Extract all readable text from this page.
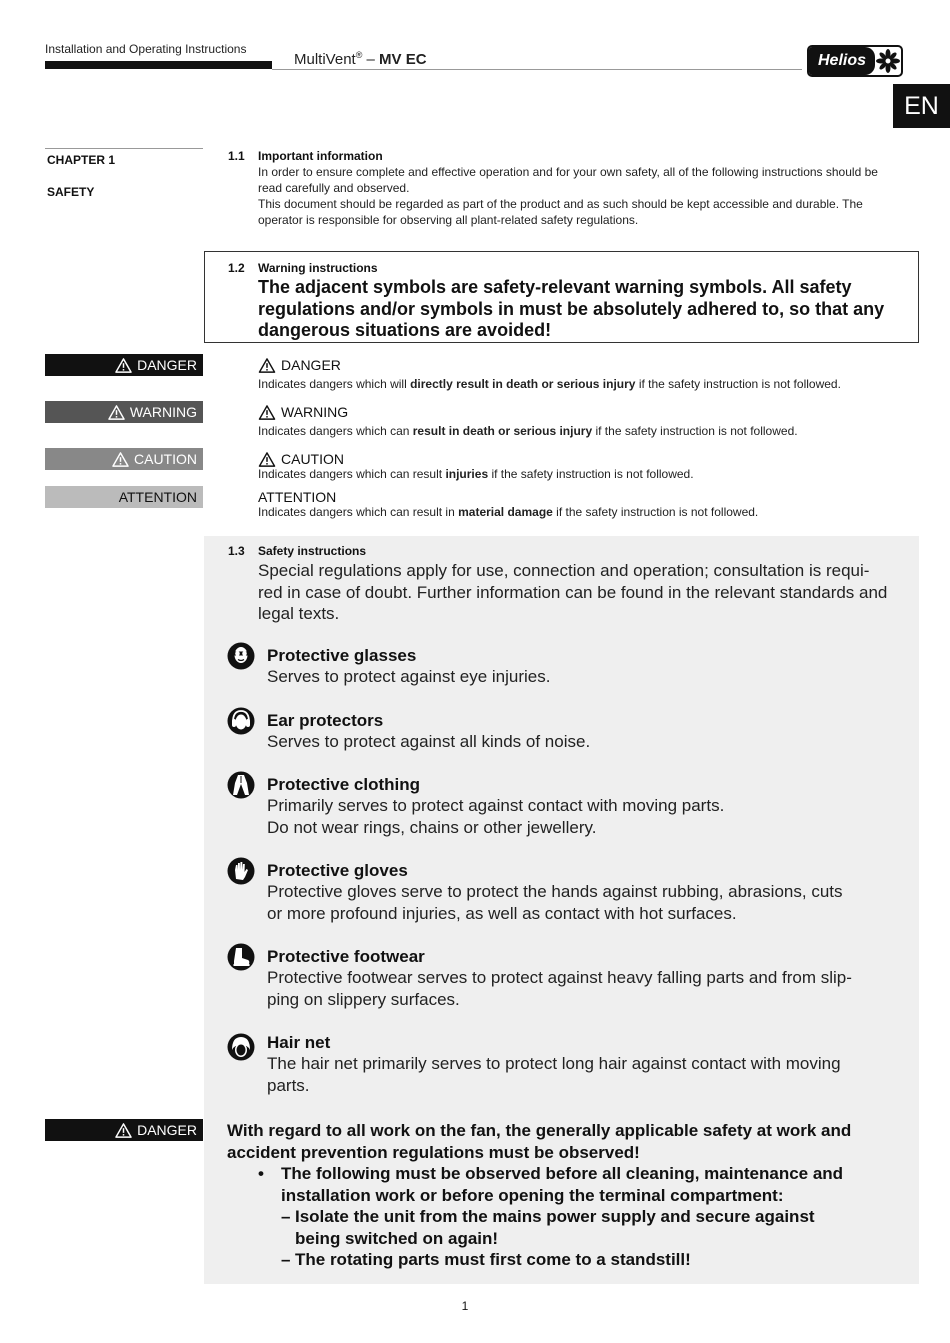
Installation and Operating Instructions
MultiVent® – MV EC	Helios
EN
CHAPTER 1
SAFETY
DANGER
WARNING
CAUTION
ATTENTION
DANGER
1.1 Important information
In order to ensure complete and effective operation and for your own safety, all of the following instructions should be
read carefully and observed.
This document should be regarded as part of the product and as such should be kept accessible and durable. The
operator is responsible for observing all plant-related safety regulations.
1.2 Warning instructions
The adjacent symbols are safety-relevant warning symbols. All safety
regulations and/or symbols in must be absolutely adhered to, so that any
dangerous situations are avoided!
DANGER
Indicates dangers which will directly result in death or serious injury if the safety instruction is not followed.
WARNING
Indicates dangers which can result in death or serious injury if the safety instruction is not followed.
CAUTION
Indicates dangers which can result injuries if the safety instruction is not followed.
ATTENTION
Indicates dangers which can result in material damage if the safety instruction is not followed.
1.3 Safety instructions
Special regulations apply for use, connection and operation; consultation is requi-
red in case of doubt. Further information can be found in the relevant standards and
legal texts.
Protective glasses
Serves to protect against eye injuries.
Ear protectors
Serves to protect against all kinds of noise.
Protective clothing
Primarily serves to protect against contact with moving parts.
Do not wear rings, chains or other jewellery.
Protective gloves
Protective gloves serve to protect the hands against rubbing, abrasions, cuts
or more profound injuries, as well as contact with hot surfaces.
Protective footwear
Protective footwear serves to protect against heavy falling parts and from slip-
ping on slippery surfaces.
Hair net
The hair net primarily serves to protect long hair against contact with moving
parts.
With regard to all work on the fan, the generally applicable safety at work and
accident prevention regulations must be observed!
• The following must be observed before all cleaning, maintenance and
installation work or before opening the terminal compartment:
– Isolate the unit from the mains power supply and secure against
being switched on again!
– The rotating parts must first come to a standstill!
1
